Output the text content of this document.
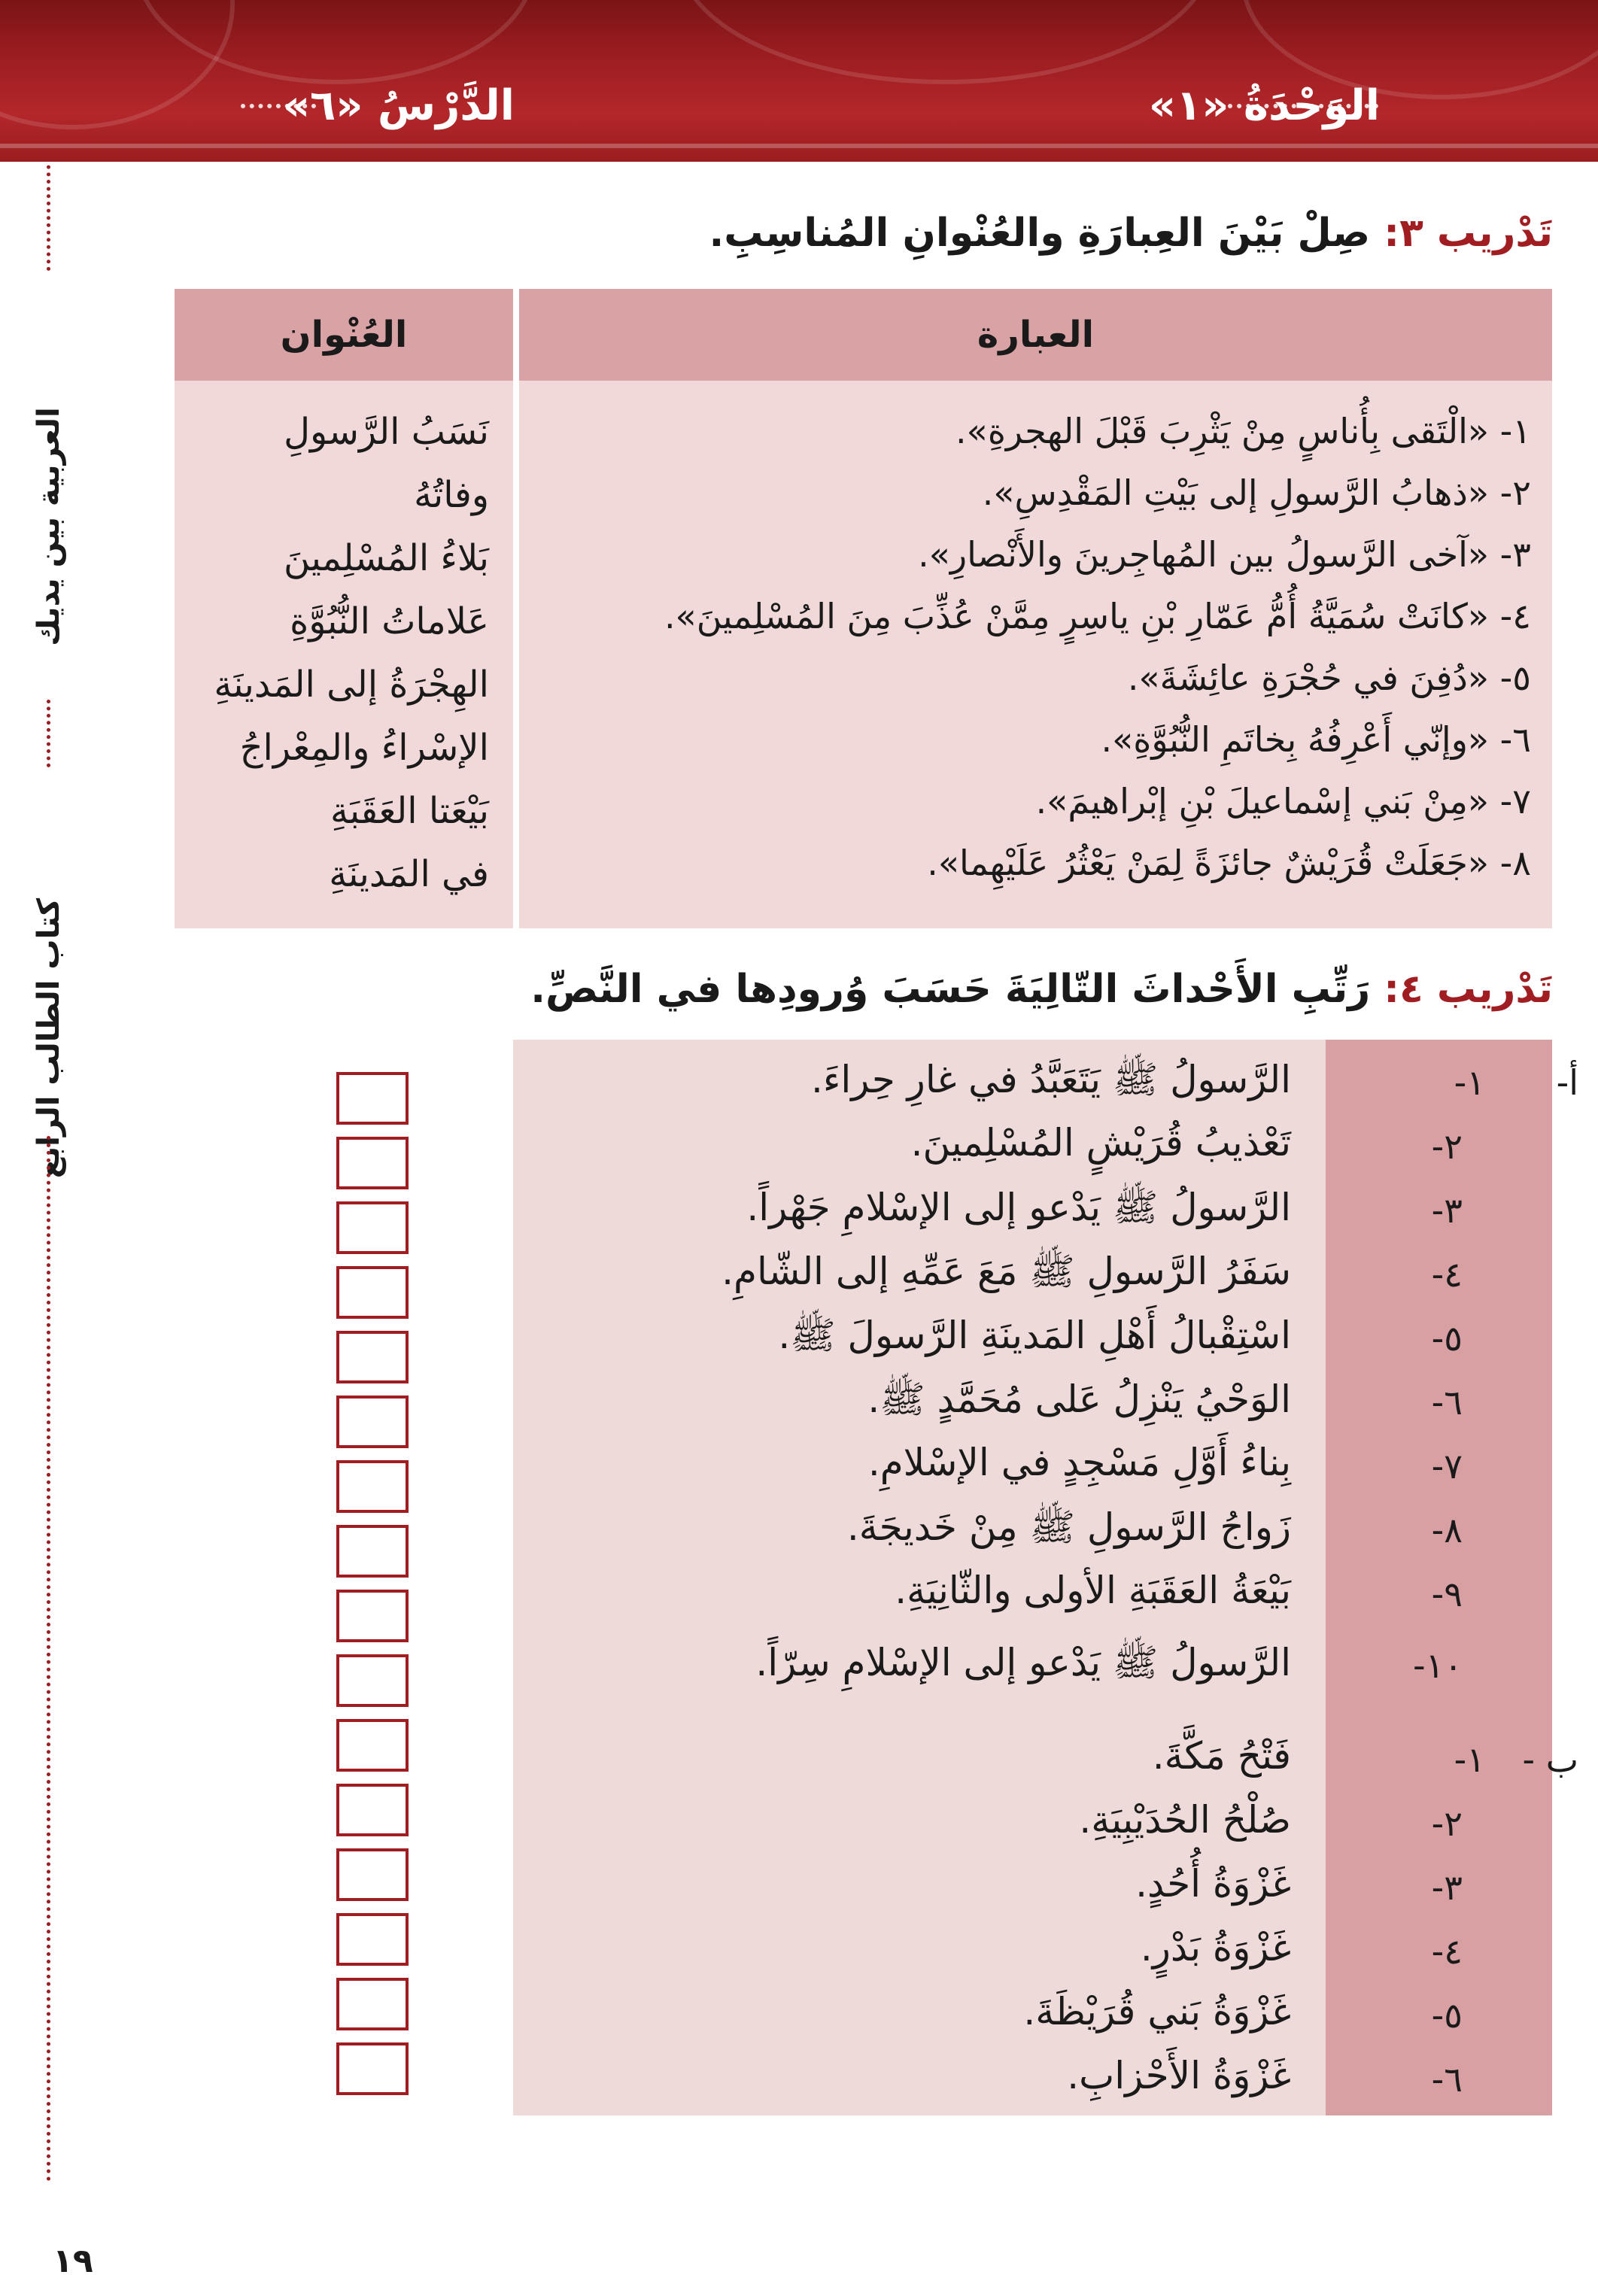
الوَحْدَةُ «١»
الدَّرْسُ «٦»
العربية بين يديك
كتاب الطالب الرابع
تَدْريب ٣: صِلْ بَيْنَ العِبارَةِ والعُنْوانِ المُناسِبِ.
العبارة
العُنْوان
١- «الْتَقى بِأُناسٍ مِنْ يَثْرِبَ قَبْلَ الهجرةِ».
٢- «ذهابُ الرَّسولِ إلى بَيْتِ المَقْدِسِ».
٣- «آخى الرَّسولُ بين المُهاجِرينَ والأَنْصارِ».
٤- «كانَتْ سُمَيَّةُ أُمُّ عَمّارِ بْنِ ياسِرٍ مِمَّنْ عُذِّبَ مِنَ المُسْلِمينَ».
٥- «دُفِنَ في حُجْرَةِ عائِشَةَ».
٦- «وإنّي أَعْرِفُهُ بِخاتَمِ النُّبُوَّةِ».
٧- «مِنْ بَني إسْماعيلَ بْنِ إبْراهيمَ».
٨- «جَعَلَتْ قُرَيْشٌ جائزَةً لِمَنْ يَعْثُرُ عَلَيْهِما».
نَسَبُ الرَّسولِ
وفاتُهُ
بَلاءُ المُسْلِمينَ
عَلاماتُ النُّبُوَّةِ
الهِجْرَةُ إلى المَدينَةِ
الإسْراءُ والمِعْراجُ
بَيْعَتا العَقَبَةِ
في المَدينَةِ
تَدْريب ٤: رَتِّبِ الأَحْداثَ التّالِيَةَ حَسَبَ وُرودِها في النَّصِّ.
أ-
ب -
١-
الرَّسولُ ﷺ يَتَعَبَّدُ في غارِ حِراءَ.
٢-
تَعْذيبُ قُرَيْشٍ المُسْلِمينَ.
٣-
الرَّسولُ ﷺ يَدْعو إلى الإسْلامِ جَهْراً.
٤-
سَفَرُ الرَّسولِ ﷺ مَعَ عَمِّهِ إلى الشّامِ.
٥-
اسْتِقْبالُ أَهْلِ المَدينَةِ الرَّسولَ ﷺ.
٦-
الوَحْيُ يَنْزِلُ عَلى مُحَمَّدٍ ﷺ.
٧-
بِناءُ أَوَّلِ مَسْجِدٍ في الإسْلامِ.
٨-
زَواجُ الرَّسولِ ﷺ مِنْ خَديجَةَ.
٩-
بَيْعَةُ العَقَبَةِ الأولى والثّانِيَةِ.
١٠-
الرَّسولُ ﷺ يَدْعو إلى الإسْلامِ سِرّاً.
١-
فَتْحُ مَكَّةَ.
٢-
صُلْحُ الحُدَيْبِيَةِ.
٣-
غَزْوَةُ أُحُدٍ.
٤-
غَزْوَةُ بَدْرٍ.
٥-
غَزْوَةُ بَني قُرَيْظَةَ.
٦-
غَزْوَةُ الأَحْزابِ.
١٩
